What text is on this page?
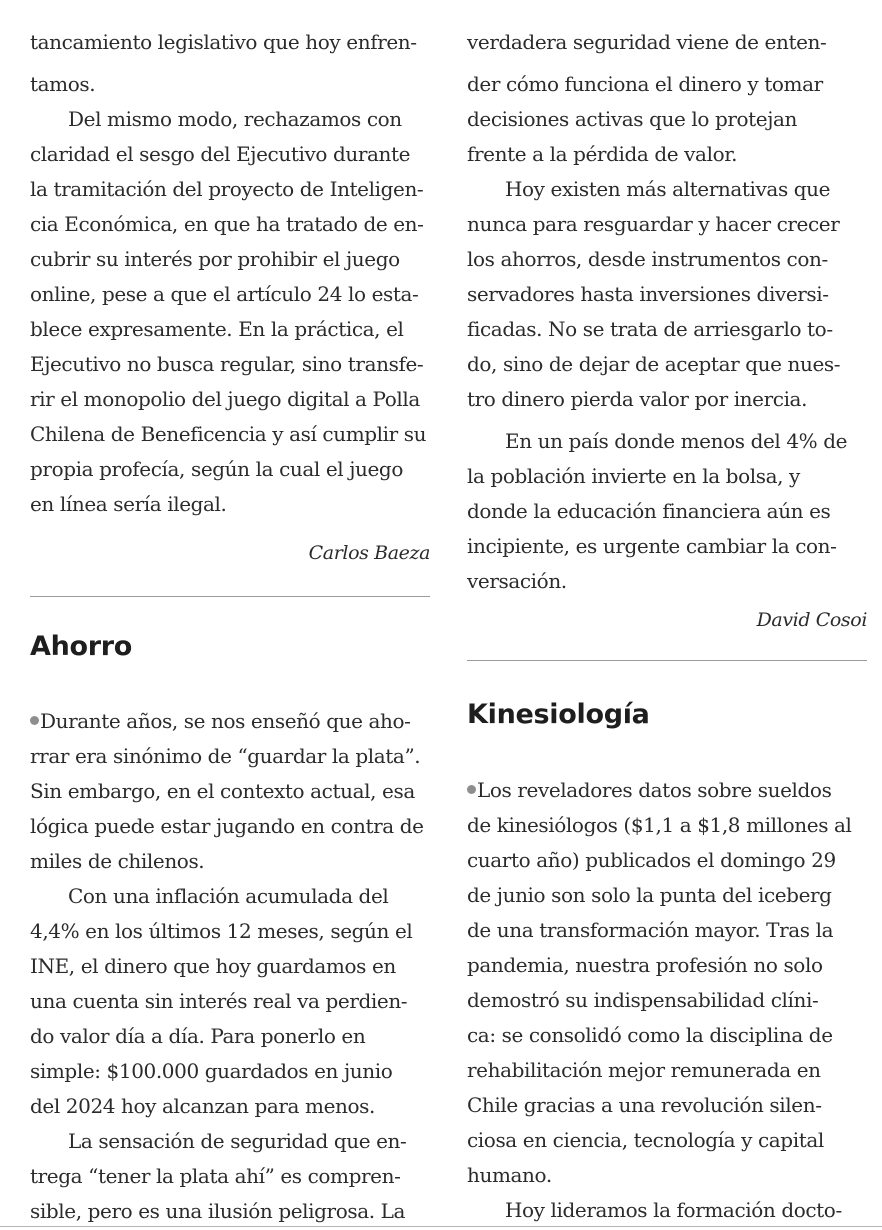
tancamiento legislativo que hoy enfren-
tamos.
Del mismo modo, rechazamos con
claridad el sesgo del Ejecutivo durante
la tramitación del proyecto de Inteligen-
cia Económica, en que ha tratado de en-
cubrir su interés por prohibir el juego
online, pese a que el artículo 24 lo esta-
blece expresamente. En la práctica, el
Ejecutivo no busca regular, sino transfe-
rir el monopolio del juego digital a Polla
Chilena de Beneficencia y así cumplir su
propia profecía, según la cual el juego
en línea sería ilegal.
Carlos Baeza
Ahorro
Durante años, se nos enseñó que aho-
rrar era sinónimo de “guardar la plata”.
Sin embargo, en el contexto actual, esa
lógica puede estar jugando en contra de
miles de chilenos.
Con una inflación acumulada del
4,4% en los últimos 12 meses, según el
INE, el dinero que hoy guardamos en
una cuenta sin interés real va perdien-
do valor día a día. Para ponerlo en
simple: $100.000 guardados en junio
del 2024 hoy alcanzan para menos.
La sensación de seguridad que en-
trega “tener la plata ahí” es compren-
sible, pero es una ilusión peligrosa. La
verdadera seguridad viene de enten-
der cómo funciona el dinero y tomar
decisiones activas que lo protejan
frente a la pérdida de valor.
Hoy existen más alternativas que
nunca para resguardar y hacer crecer
los ahorros, desde instrumentos con-
servadores hasta inversiones diversi-
ficadas. No se trata de arriesgarlo to-
do, sino de dejar de aceptar que nues-
tro dinero pierda valor por inercia.
En un país donde menos del 4% de
la población invierte en la bolsa, y
donde la educación financiera aún es
incipiente, es urgente cambiar la con-
versación.
David Cosoi
Kinesiología
Los reveladores datos sobre sueldos
de kinesiólogos ($1,1 a $1,8 millones al
cuarto año) publicados el domingo 29
de junio son solo la punta del iceberg
de una transformación mayor. Tras la
pandemia, nuestra profesión no solo
demostró su indispensabilidad clíni-
ca: se consolidó como la disciplina de
rehabilitación mejor remunerada en
Chile gracias a una revolución silen-
ciosa en ciencia, tecnología y capital
humano.
Hoy lideramos la formación docto-
